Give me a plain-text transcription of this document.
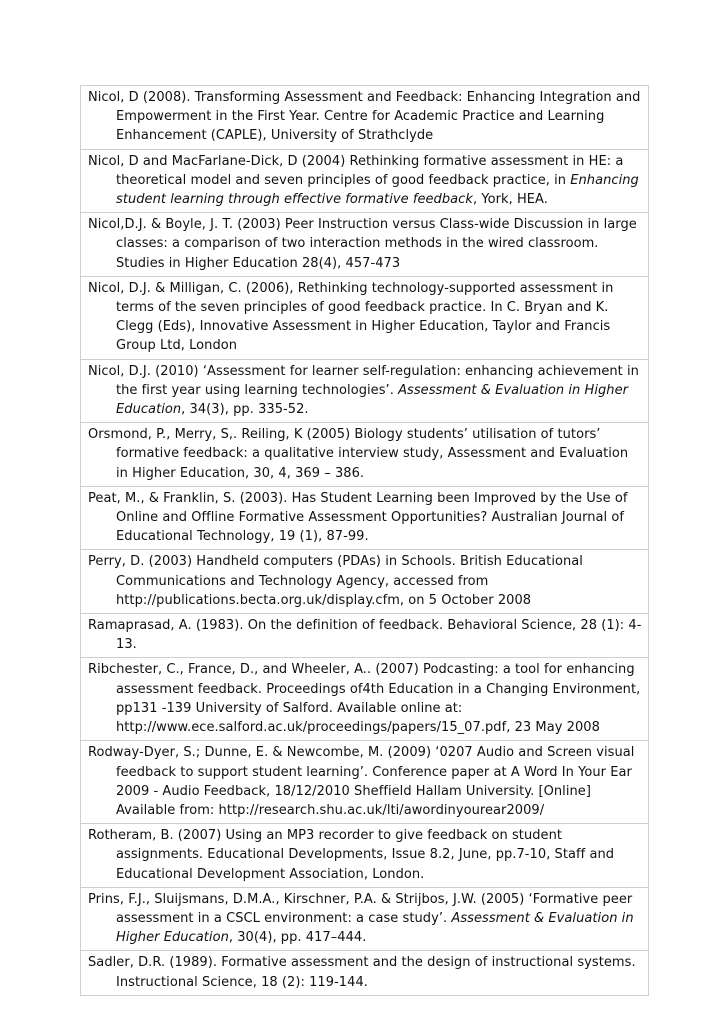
Nicol, D (2008). Transforming Assessment and Feedback: Enhancing Integration and Empowerment in the First Year. Centre for Academic Practice and Learning Enhancement (CAPLE), University of Strathclyde
Nicol, D and MacFarlane-Dick, D (2004) Rethinking formative assessment in HE: a theoretical model and seven principles of good feedback practice, in Enhancing student learning through effective formative feedback, York, HEA.
Nicol,D.J. & Boyle, J. T. (2003) Peer Instruction versus Class-wide Discussion in large classes: a comparison of two interaction methods in the wired classroom. Studies in Higher Education 28(4), 457-473
Nicol, D.J. & Milligan, C. (2006), Rethinking technology-supported assessment in terms of the seven principles of good feedback practice. In C. Bryan and K. Clegg (Eds), Innovative Assessment in Higher Education, Taylor and Francis Group Ltd, London
Nicol, D.J. (2010) ‘Assessment for learner self-regulation: enhancing achievement in the first year using learning technologies’. Assessment & Evaluation in Higher Education, 34(3), pp. 335-52.
Orsmond, P., Merry, S,. Reiling, K (2005) Biology students’ utilisation of tutors’ formative feedback: a qualitative interview study, Assessment and Evaluation in Higher Education, 30, 4, 369 – 386.
Peat, M., & Franklin, S. (2003). Has Student Learning been Improved by the Use of Online and Offline Formative Assessment Opportunities? Australian Journal of Educational Technology, 19 (1), 87-99.
Perry, D. (2003) Handheld computers (PDAs) in Schools. British Educational Communications and Technology Agency, accessed from http://publications.becta.org.uk/display.cfm, on 5 October 2008
Ramaprasad, A. (1983). On the definition of feedback. Behavioral Science, 28 (1): 4-13.
Ribchester, C., France, D., and Wheeler, A.. (2007) Podcasting: a tool for enhancing assessment feedback. Proceedings of4th Education in a Changing Environment, pp131 -139 University of Salford. Available online at: http://www.ece.salford.ac.uk/proceedings/papers/15_07.pdf, 23 May 2008
Rodway-Dyer, S.; Dunne, E. & Newcombe, M. (2009) ‘0207 Audio and Screen visual feedback to support student learning’. Conference paper at A Word In Your Ear 2009 - Audio Feedback, 18/12/2010 Sheffield Hallam University. [Online] Available from: http://research.shu.ac.uk/lti/awordinyourear2009/
Rotheram, B. (2007) Using an MP3 recorder to give feedback on student assignments. Educational Developments, Issue 8.2, June, pp.7-10, Staff and Educational Development Association, London.
Prins, F.J., Sluijsmans, D.M.A., Kirschner, P.A. & Strijbos, J.W. (2005) ‘Formative peer assessment in a CSCL environment: a case study’. Assessment & Evaluation in Higher Education, 30(4), pp. 417–444.
Sadler, D.R. (1989). Formative assessment and the design of instructional systems. Instructional Science, 18 (2): 119-144.
